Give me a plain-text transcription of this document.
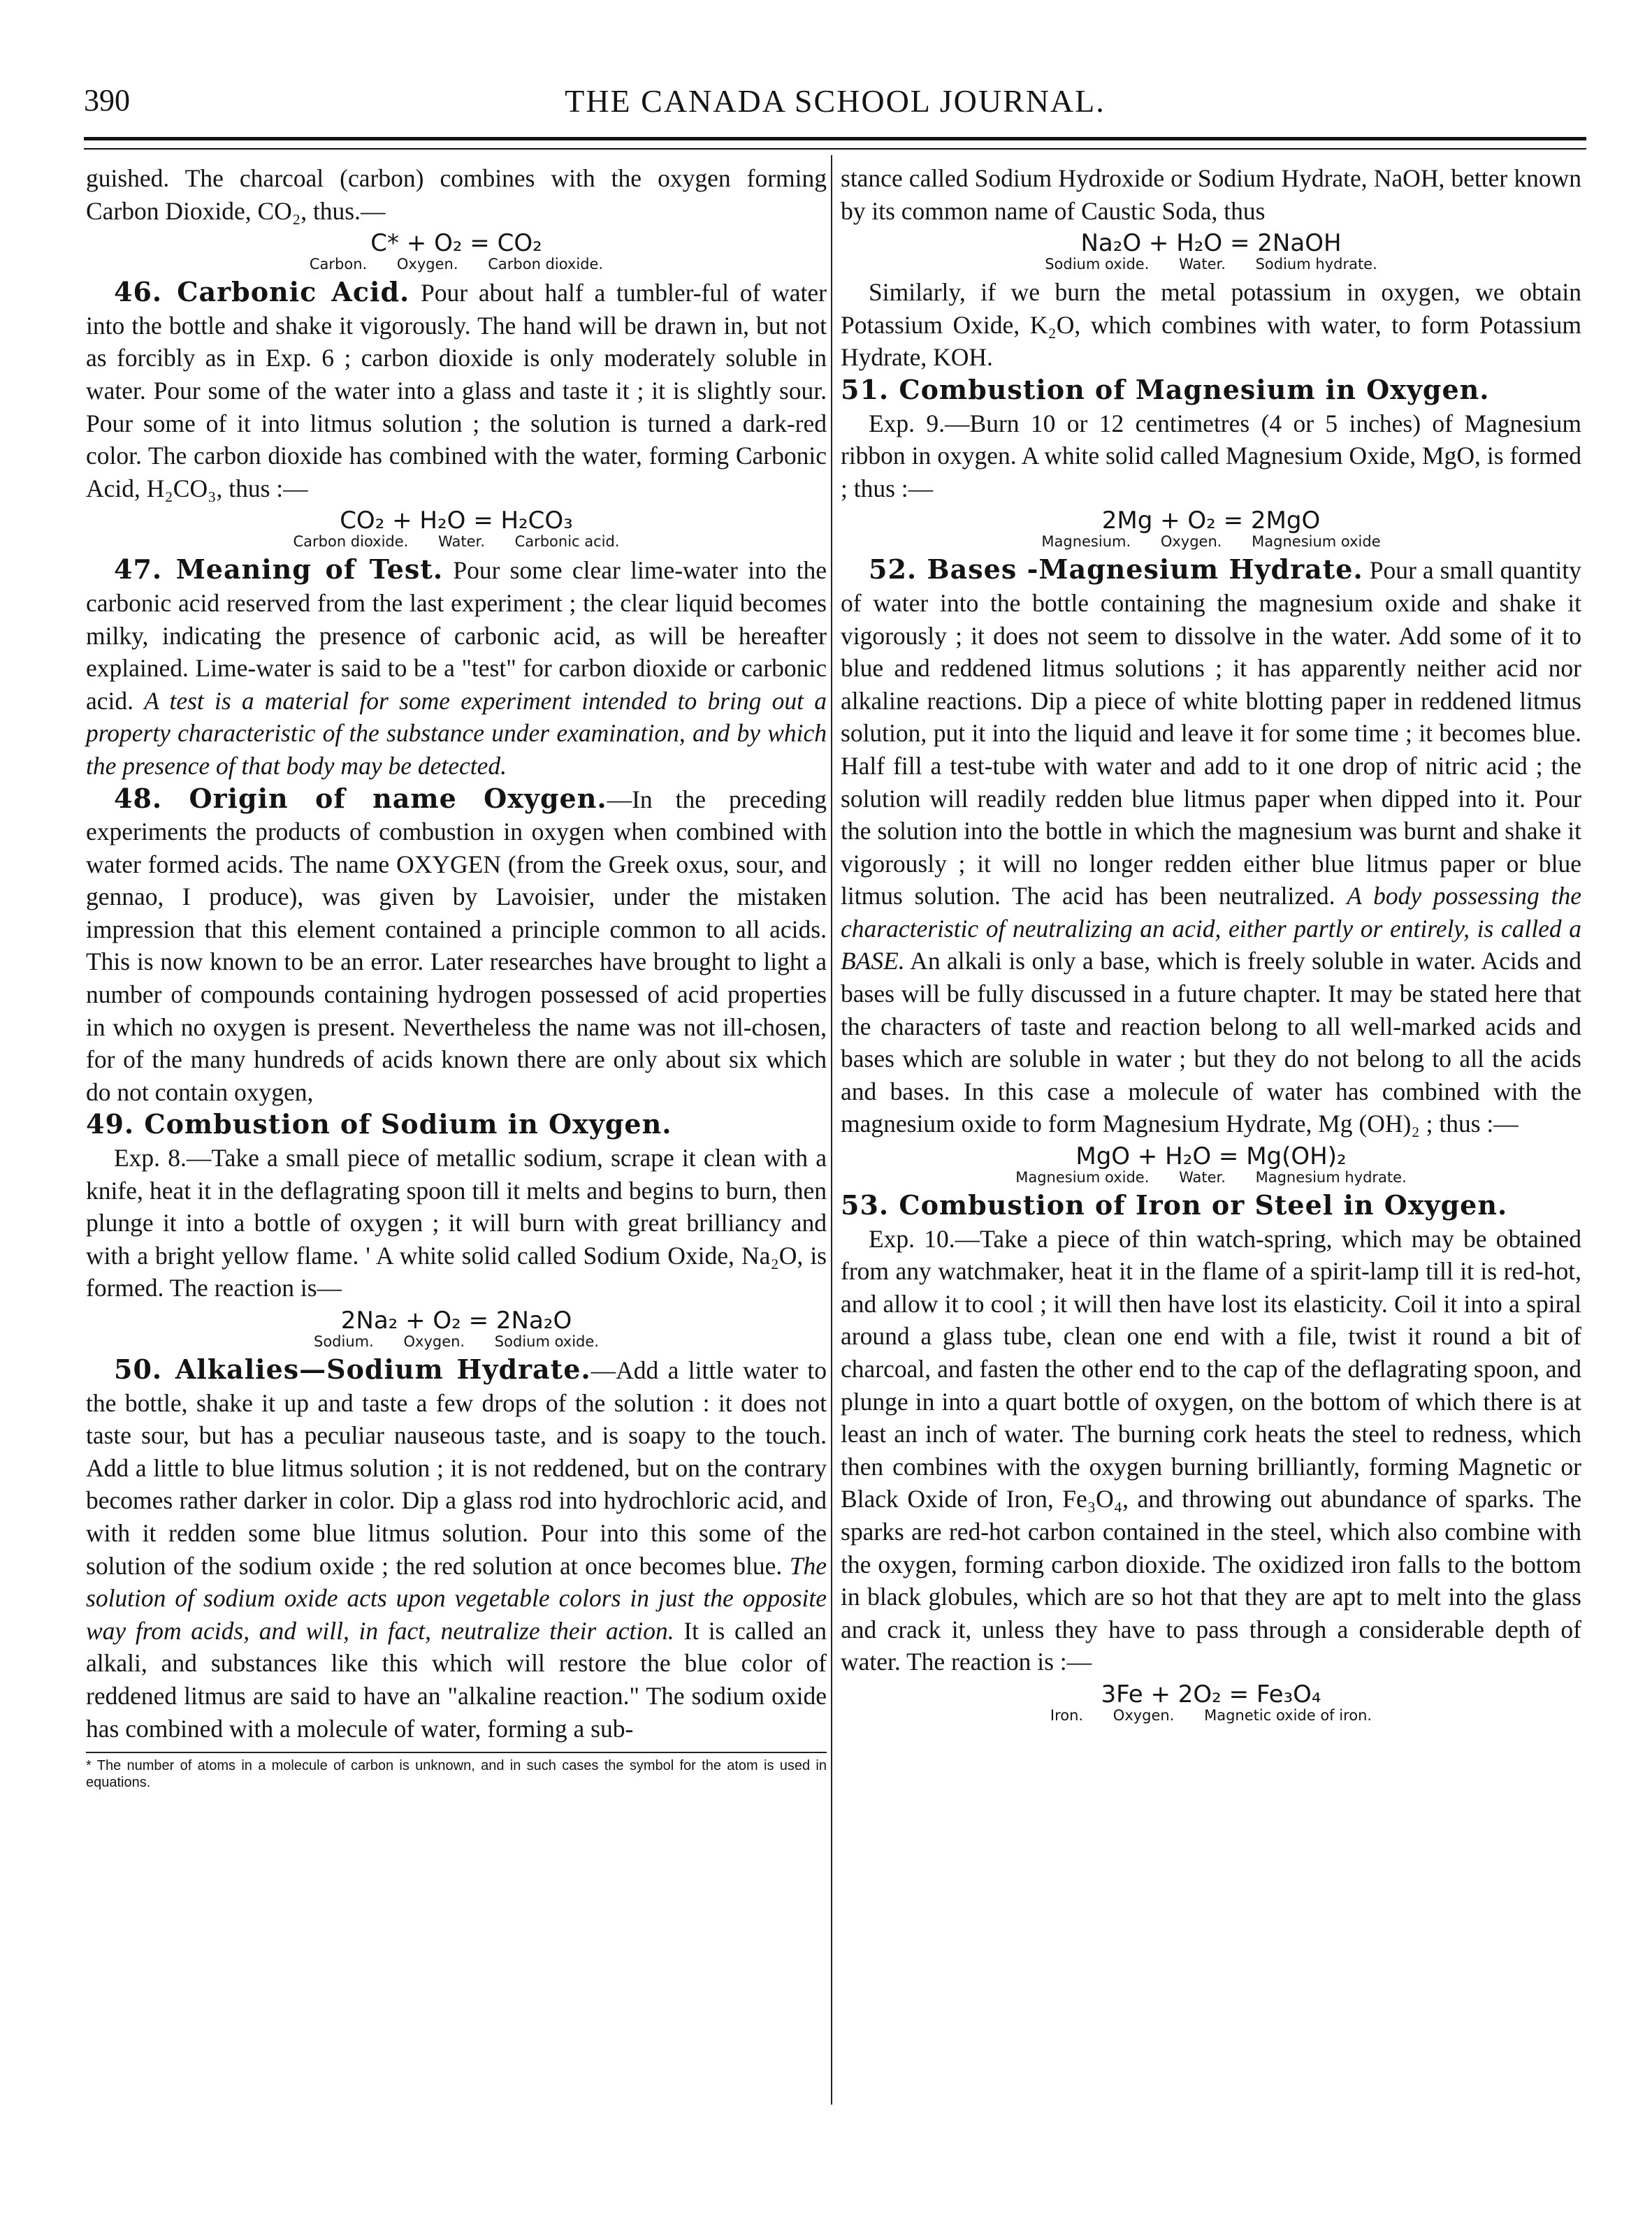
390	THE CANADA SCHOOL JOURNAL.

guished. The charcoal (carbon) combines with the oxygen forming Carbon Dioxide, CO₂, thus.—

C* + O₂ = CO₂
Carbon. Oxygen. Carbon dioxide.

46. Carbonic Acid. Pour about half a tumbler-ful of water into the bottle and shake it vigorously. The hand will be drawn in, but not as forcibly as in Exp. 6 ; carbon dioxide is only moderately soluble in water. Pour some of the water into a glass and taste it ; it is slightly sour. Pour some of it into litmus solution ; the solution is turned a dark-red color. The carbon dioxide has combined with the water, forming Carbonic Acid, H₂CO₃, thus :—

CO₂ + H₂O = H₂CO₃
Carbon dioxide. Water. Carbonic acid.

47. Meaning of Test. Pour some clear lime-water into the carbonic acid reserved from the last experiment ; the clear liquid becomes milky, indicating the presence of carbonic acid, as will be hereafter explained. Lime-water is said to be a "test" for carbon dioxide or carbonic acid. A test is a material for some experiment intended to bring out a property characteristic of the substance under examination, and by which the presence of that body may be detected.

48. Origin of name Oxygen.—In the preceding experiments the products of combustion in oxygen when combined with water formed acids. The name OXYGEN (from the Greek oxus, sour, and gennao, I produce), was given by Lavoisier, under the mistaken impression that this element contained a principle common to all acids. This is now known to be an error. Later researches have brought to light a number of compounds containing hydrogen possessed of acid properties in which no oxygen is present. Nevertheless the name was not ill-chosen, for of the many hundreds of acids known there are only about six which do not contain oxygen,

49. Combustion of Sodium in Oxygen.

Exp. 8.—Take a small piece of metallic sodium, scrape it clean with a knife, heat it in the deflagrating spoon till it melts and begins to burn, then plunge it into a bottle of oxygen ; it will burn with great brilliancy and with a bright yellow flame. ' A white solid called Sodium Oxide, Na₂O, is formed. The reaction is—

2Na₂ + O₂ = 2Na₂O
Sodium. Oxygen. Sodium oxide.

50. Alkalies—Sodium Hydrate.—Add a little water to the bottle, shake it up and taste a few drops of the solution : it does not taste sour, but has a peculiar nauseous taste, and is soapy to the touch. Add a little to blue litmus solution ; it is not reddened, but on the contrary becomes rather darker in color. Dip a glass rod into hydrochloric acid, and with it redden some blue litmus solution. Pour into this some of the solution of the sodium oxide ; the red solution at once becomes blue. The solution of sodium oxide acts upon vegetable colors in just the opposite way from acids, and will, in fact, neutralize their action. It is called an alkali, and substances like this which will restore the blue color of reddened litmus are said to have an "alkaline reaction." The sodium oxide has combined with a molecule of water, forming a sub-

* The number of atoms in a molecule of carbon is unknown, and in such cases the symbol for the atom is used in equations.

stance called Sodium Hydroxide or Sodium Hydrate, NaOH, better known by its common name of Caustic Soda, thus

Na₂O + H₂O = 2NaOH
Sodium oxide. Water. Sodium hydrate.

Similarly, if we burn the metal potassium in oxygen, we obtain Potassium Oxide, K₂O, which combines with water, to form Potassium Hydrate, KOH.

51. Combustion of Magnesium in Oxygen.

Exp. 9.—Burn 10 or 12 centimetres (4 or 5 inches) of Magnesium ribbon in oxygen. A white solid called Magnesium Oxide, MgO, is formed ; thus :—

2Mg + O₂ = 2MgO
Magnesium. Oxygen. Magnesium oxide

52. Bases -Magnesium Hydrate. Pour a small quantity of water into the bottle containing the magnesium oxide and shake it vigorously ; it does not seem to dissolve in the water. Add some of it to blue and reddened litmus solutions ; it has apparently neither acid nor alkaline reactions. Dip a piece of white blotting paper in reddened litmus solution, put it into the liquid and leave it for some time ; it becomes blue. Half fill a test-tube with water and add to it one drop of nitric acid ; the solution will readily redden blue litmus paper when dipped into it. Pour the solution into the bottle in which the magnesium was burnt and shake it vigorously ; it will no longer redden either blue litmus paper or blue litmus solution. The acid has been neutralized. A body possessing the characteristic of neutralizing an acid, either partly or entirely, is called a BASE. An alkali is only a base, which is freely soluble in water. Acids and bases will be fully discussed in a future chapter. It may be stated here that the characters of taste and reaction belong to all well-marked acids and bases which are soluble in water ; but they do not belong to all the acids and bases. In this case a molecule of water has combined with the magnesium oxide to form Magnesium Hydrate, Mg (OH)₂ ; thus :—

MgO + H₂O = Mg(OH)₂
Magnesium oxide. Water. Magnesium hydrate.

53. Combustion of Iron or Steel in Oxygen.

Exp. 10.—Take a piece of thin watch-spring, which may be obtained from any watchmaker, heat it in the flame of a spirit-lamp till it is red-hot, and allow it to cool ; it will then have lost its elasticity. Coil it into a spiral around a glass tube, clean one end with a file, twist it round a bit of charcoal, and fasten the other end to the cap of the deflagrating spoon, and plunge in into a quart bottle of oxygen, on the bottom of which there is at least an inch of water. The burning cork heats the steel to redness, which then combines with the oxygen burning brilliantly, forming Magnetic or Black Oxide of Iron, Fe₃O₄, and throwing out abundance of sparks. The sparks are red-hot carbon contained in the steel, which also combine with the oxygen, forming carbon dioxide. The oxidized iron falls to the bottom in black globules, which are so hot that they are apt to melt into the glass and crack it, unless they have to pass through a considerable depth of water. The reaction is :—

3Fe + 2O₂ = Fe₃O₄
Iron. Oxygen. Magnetic oxide of iron.
